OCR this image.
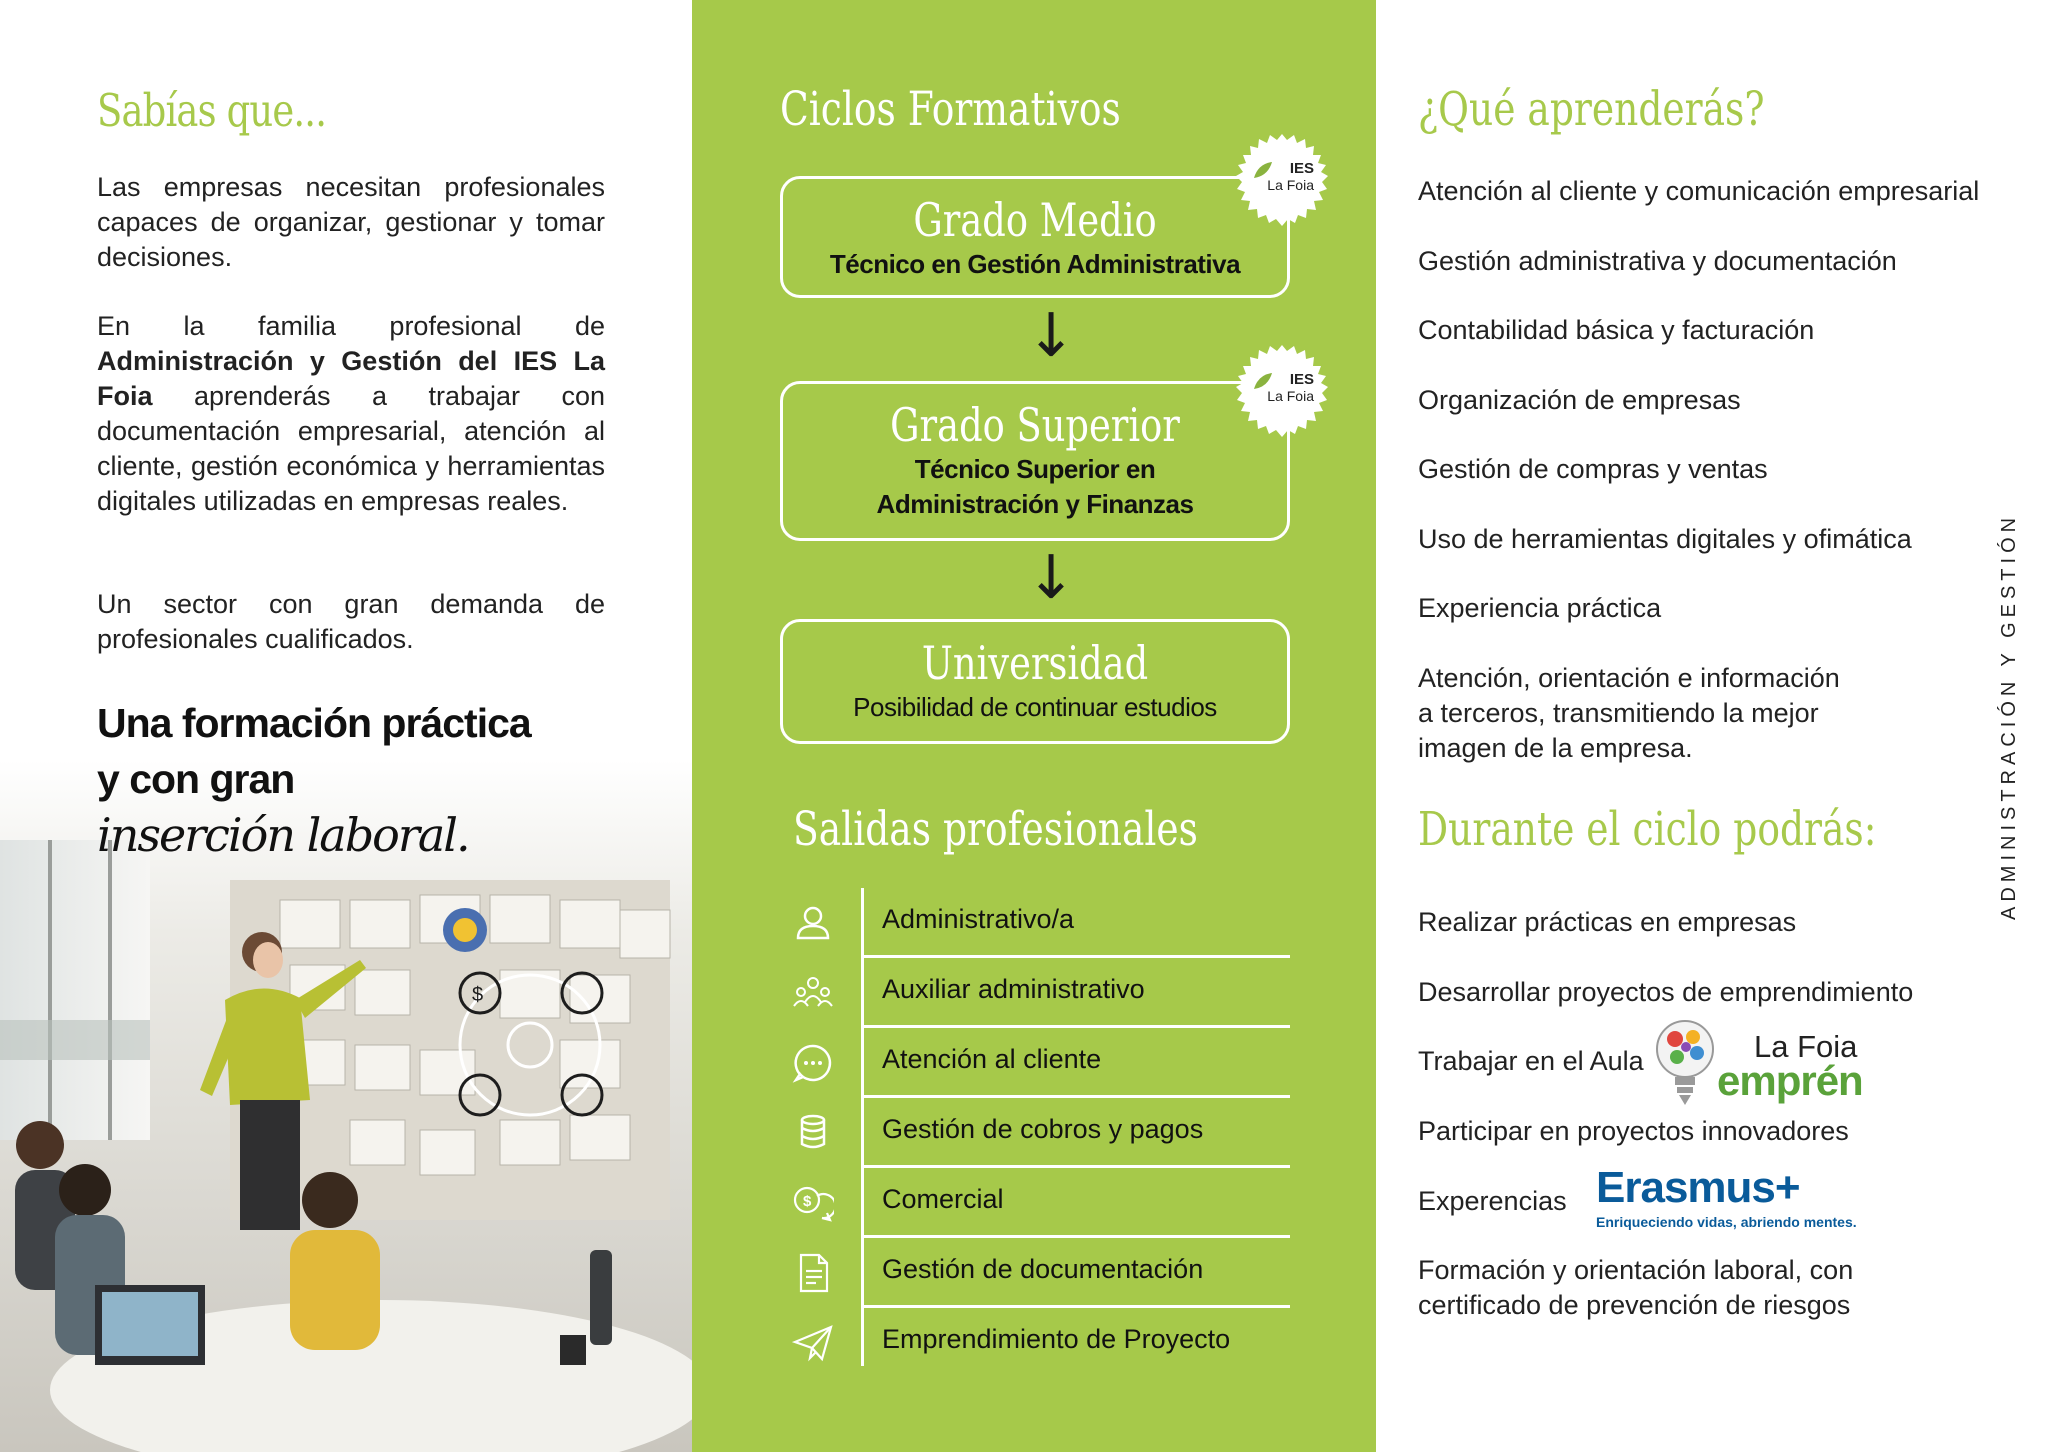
Sabías que...

Las empresas necesitan profesionales capaces de organizar, gestionar y tomar decisiones.

En la familia profesional de Administración y Gestión del IES La Foia aprenderás a trabajar con documentación empresarial, atención al cliente, gestión económica y herramientas digitales utilizadas en empresas reales.

Un sector con gran demanda de profesionales cualificados.

$
Una formación práctica
y con gran
inserción laboral.
Ciclos Formativos
Grado Medio
Técnico en Gestión Administrativa
IES
La Foia
↓
Grado Superior
Técnico Superior en
Administración y Finanzas
IES
La Foia
↓
Universidad
Posibilidad de continuar estudios
Salidas profesionales
Administrativo/a
Auxiliar administrativo
Atención al cliente
Gestión de cobros y pagos
$	Comercial
Gestión de documentación
Emprendimiento de Proyecto
¿Qué aprenderás?
Atención al cliente y comunicación empresarial
Gestión administrativa y documentación
Contabilidad básica y facturación
Organización de empresas
Gestión de compras y ventas
Uso de herramientas digitales y ofimática
Experiencia práctica
Atención, orientación e información
a terceros, transmitiendo la mejor
imagen de la empresa.
Durante el ciclo podrás:
Realizar prácticas en empresas
Desarrollar proyectos de emprendimiento
Trabajar en el Aula	La Foia
emprén
Participar en proyectos innovadores
Experencias Erasmus+
Enriqueciendo vidas, abriendo mentes.
Formación y orientación laboral, con
certificado de prevención de riesgos
ADMINISTRACIÓN Y GESTIÓN
